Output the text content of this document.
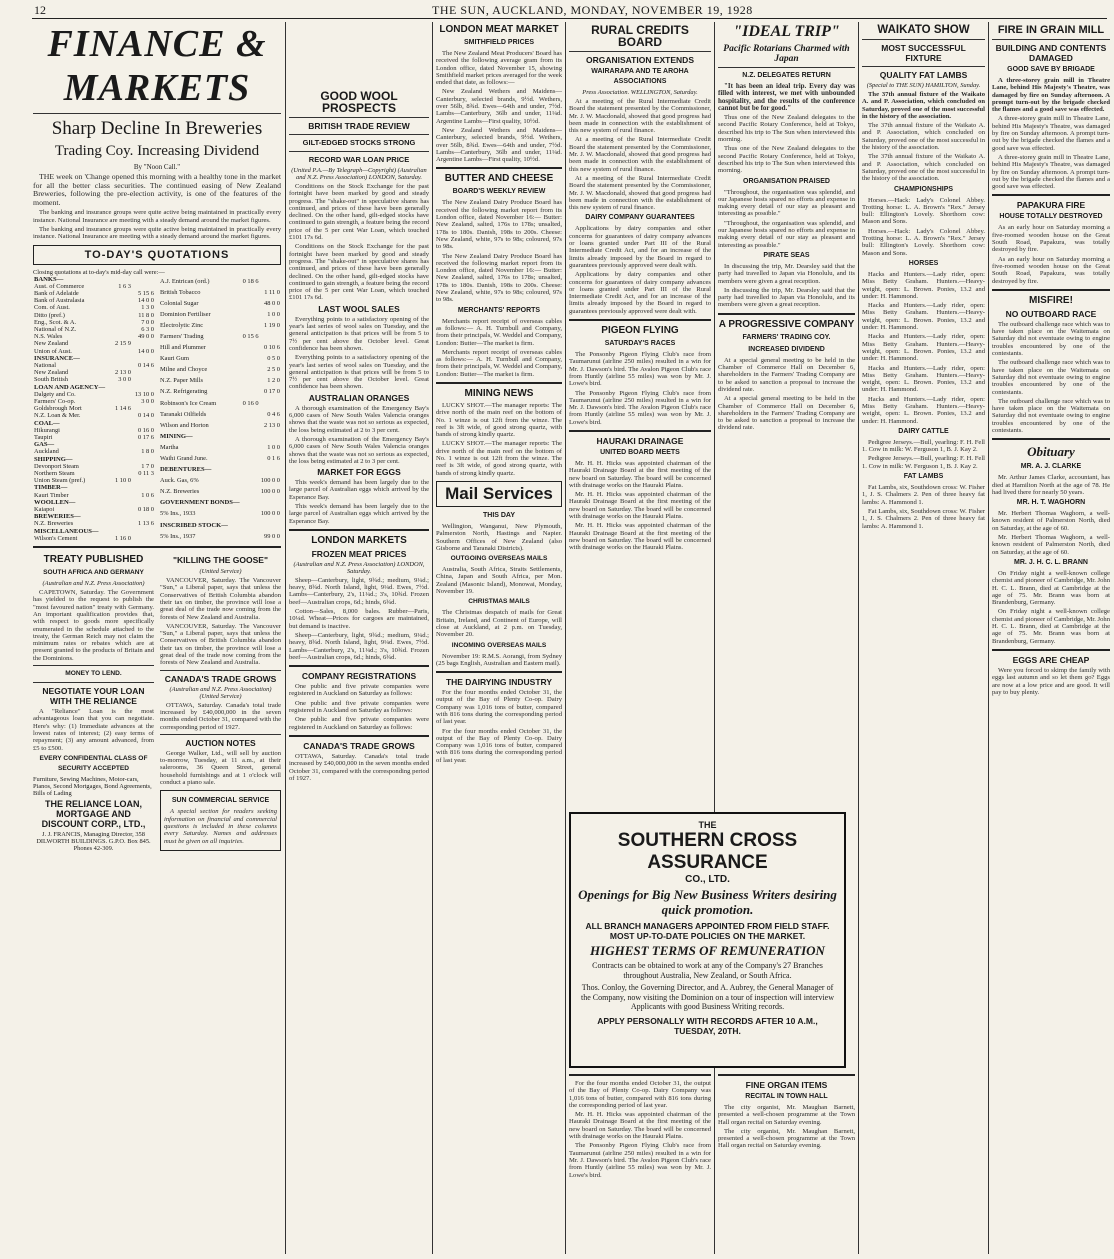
12	THE SUN, AUCKLAND, MONDAY, NOVEMBER 19, 1928
FINANCE & MARKETS
Sharp Decline In Breweries
Trading Coy. Increasing Dividend
By "Noon Call."

THE week on 'Change opened this morning with a healthy tone in the market for all the better class securities. The continued easing of New Zealand Breweries, following the pre-election activity, is one of the features of the moment.

The banking and insurance groups were quite active being maintained in practically every instance. National Insurance are meeting with a steady demand around the market figures.

The banking and insurance groups were quite active being maintained in practically every instance. National Insurance are meeting with a steady demand around the market figures.

TO-DAY'S QUOTATIONS
Closing quotations at to-day's mid-day call were:—
BANKS—		
Aust. of Commerce	1 6 3	
Bank of Adelaide		5 15 6
Bank of Australasia		14 0 0
Com. of Aust.		1 3 0
Ditto (pref.)		11 8 0
Eng., Scot. & A.		7 0 0
National of N.Z.		6 3 0
N.S. Wales		49 0 0
New Zealand	2 15 9	
Union of Aust.		14 0 0
INSURANCE—		
National		0 14 6
New Zealand	2 13 0	
South British	3 0 0	
LOAN AND AGENCY—		
Dalgety and Co.		13 10 0
Farmers' Co-op.		3 0 0
Goldsbrough Mort	1 14 6	
N.Z. Loan & Mer.		0 14 0
COAL—		
Hikurangi		0 16 0
Taupiri		0 17 6
GAS—		
Auckland		1 8 0
SHIPPING—		
Devonport Steam		1 7 0
Northern Steam		0 11 3
Union Steam (pref.)	1 10 0	
TIMBER—		
Kauri Timber		1 0 6
WOOLLEN—		
Kaiapoi		0 18 0
BREWERIES—		
N.Z. Breweries		1 13 6
MISCELLANEOUS—		
Wilson's Cement	1 16 0	
A.J. Entrican (ord.)	0 18 6	
British Tobacco		1 11 0
Colonial Sugar		48 0 0
Dominion Fertiliser		1 0 0
Electrolytic Zinc		1 19 0
Farmers' Trading	0 15 6	
Hill and Plummer		0 10 6
Kauri Gum		0 5 0
Milne and Choyce		2 5 0
N.Z. Paper Mills		1 2 0
N.Z. Refrigerating		0 17 0
Robinson's Ice Cream	0 16 0	
Taranaki Oilfields		0 4 6
Wilson and Horton		2 13 0
MINING—		
Martha		1 0 0
Waihi Grand June.		0 1 6
DEBENTURES—		
Auck. Gas, 6%		100 0 0
N.Z. Breweries		100 0 0
GOVERNMENT BONDS—		
5% Ins., 1933		100 0 0
INSCRIBED STOCK—		
5% Ins., 1937		99 0 0
TREATY PUBLISHED
SOUTH AFRICA AND GERMANY
(Australian and N.Z. Press Association)

CAPETOWN, Saturday. The Government has yielded to the request to publish the "most favoured nation" treaty with Germany. An important qualification provides that, with respect to goods more specifically enumerated in the schedule attached to the treaty, the German Reich may not claim the minimum rates or rebates which are at present granted to the products of Britain and the Dominions.

MONEY TO LEND.
NEGOTIATE YOUR LOAN WITH THE RELIANCE

A "Reliance" Loan is the most advantageous loan that you can negotiate. Here's why: (1) Immediate advances at the lowest rates of interest; (2) easy terms of repayment; (3) any amount advanced, from £5 to £500.

EVERY CONFIDENTIAL CLASS OF SECURITY ACCEPTED
Furniture, Sewing Machines, Motor-cars, Pianos, Second Mortgages, Bond Agreements, Bills of Lading
THE RELIANCE LOAN, MORTGAGE AND DISCOUNT CORP., LTD.,
J. J. FRANCIS, Managing Director, 358 DILWORTH BUILDINGS. G.P.O. Box 845. Phones 42-309.
"KILLING THE GOOSE"
(United Service)

VANCOUVER, Saturday. The Vancouver "Sun," a Liberal paper, says that unless the Conservatives of British Columbia abandon their tax on timber, the province will lose a great deal of the trade now coming from the forests of New Zealand and Australia.

VANCOUVER, Saturday. The Vancouver "Sun," a Liberal paper, says that unless the Conservatives of British Columbia abandon their tax on timber, the province will lose a great deal of the trade now coming from the forests of New Zealand and Australia.

CANADA'S TRADE GROWS
(Australian and N.Z. Press Association) (United Service)

OTTAWA, Saturday. Canada's total trade increased by £40,000,000 in the seven months ended October 31, compared with the corresponding period of 1927.

AUCTION NOTES

George Walker, Ltd., will sell by auction to-morrow, Tuesday, at 11 a.m., at their salerooms, 36 Queen Street, general household furnishings and at 1 o'clock will conduct a piano sale.

SUN COMMERCIAL SERVICE

A special section for readers seeking information on financial and commercial questions is included in these columns every Saturday. Names and addresses must be given on all inquiries.

GOOD WOOL PROSPECTS
BRITISH TRADE REVIEW
GILT-EDGED STOCKS STRONG
RECORD WAR LOAN PRICE
(United P.A.—By Telegraph—Copyright) (Australian and N.Z. Press Association) LONDON, Saturday.

Conditions on the Stock Exchange for the past fortnight have been marked by good and steady progress. The "shake-out" in speculative shares has continued, and prices of these have been generally declined. On the other hand, gilt-edged stocks have continued to gain strength, a feature being the record price of the 5 per cent War Loan, which touched £101 17s 6d.

Conditions on the Stock Exchange for the past fortnight have been marked by good and steady progress. The "shake-out" in speculative shares has continued, and prices of these have been generally declined. On the other hand, gilt-edged stocks have continued to gain strength, a feature being the record price of the 5 per cent War Loan, which touched £101 17s 6d.

LAST WOOL SALES

Everything points to a satisfactory opening of the year's last series of wool sales on Tuesday, and the general anticipation is that prices will be from 5 to 7½ per cent above the October level. Great confidence has been shown.

Everything points to a satisfactory opening of the year's last series of wool sales on Tuesday, and the general anticipation is that prices will be from 5 to 7½ per cent above the October level. Great confidence has been shown.

AUSTRALIAN ORANGES

A thorough examination of the Emergency Bay's 6,000 cases of New South Wales Valencia oranges shows that the waste was not so serious as expected, the loss being estimated at 2 to 3 per cent.

A thorough examination of the Emergency Bay's 6,000 cases of New South Wales Valencia oranges shows that the waste was not so serious as expected, the loss being estimated at 2 to 3 per cent.

MARKET FOR EGGS

This week's demand has been largely due to the large parcel of Australian eggs which arrived by the Esperance Bay.

This week's demand has been largely due to the large parcel of Australian eggs which arrived by the Esperance Bay.

LONDON MARKETS
FROZEN MEAT PRICES
(Australian and N.Z. Press Association) LONDON, Saturday.

Sheep—Canterbury, light, 9¾d.; medium, 9¼d.; heavy, 8¾d. North Island, light, 9¼d. Ewes, 7½d. Lambs—Canterbury, 2's, 11¼d.; 3's, 10¾d. Frozen beef—Australian crops, 6d.; hinds, 6¾d.

Cotton—Sales, 8,000 bales. Rubber—Paris, 10¼d. Wheat—Prices for cargoes are maintained, but demand is inactive.

Sheep—Canterbury, light, 9¾d.; medium, 9¼d.; heavy, 8¾d. North Island, light, 9¼d. Ewes, 7½d. Lambs—Canterbury, 2's, 11¼d.; 3's, 10¾d. Frozen beef—Australian crops, 6d.; hinds, 6¾d.

COMPANY REGISTRATIONS

One public and five private companies were registered in Auckland on Saturday as follows:

One public and five private companies were registered in Auckland on Saturday as follows:

One public and five private companies were registered in Auckland on Saturday as follows:

CANADA'S TRADE GROWS

OTTAWA, Saturday. Canada's total trade increased by £40,000,000 in the seven months ended October 31, compared with the corresponding period of 1927.

LONDON MEAT MARKET
SMITHFIELD PRICES

The New Zealand Meat Producers' Board has received the following average gram from its London office, dated November 15, showing Smithfield market prices averaged for the week ended that date, as follows:—

New Zealand Wethers and Maidens—Canterbury, selected brands, 9½d. Wethers, over 56lb, 8¾d. Ewes—64th and under, 7½d. Lambs—Canterbury, 36lb and under, 11¼d. Argentine Lambs—First quality, 10½d.

New Zealand Wethers and Maidens—Canterbury, selected brands, 9½d. Wethers, over 56lb, 8¾d. Ewes—64th and under, 7½d. Lambs—Canterbury, 36lb and under, 11¼d. Argentine Lambs—First quality, 10½d.

BUTTER AND CHEESE
BOARD'S WEEKLY REVIEW

The New Zealand Dairy Produce Board has received the following market report from its London office, dated November 16:— Butter: New Zealand, salted, 176s to 178s; unsalted, 178s to 180s. Danish, 198s to 200s. Cheese: New Zealand, white, 97s to 98s; coloured, 97s to 98s.

The New Zealand Dairy Produce Board has received the following market report from its London office, dated November 16:— Butter: New Zealand, salted, 176s to 178s; unsalted, 178s to 180s. Danish, 198s to 200s. Cheese: New Zealand, white, 97s to 98s; coloured, 97s to 98s.

MERCHANTS' REPORTS

Merchants report receipt of overseas cables as follows:— A. H. Turnbull and Company, from their principals, W. Weddel and Company, London: Butter—The market is firm.

Merchants report receipt of overseas cables as follows:— A. H. Turnbull and Company, from their principals, W. Weddel and Company, London: Butter—The market is firm.

MINING NEWS

LUCKY SHOT.—The manager reports: The drive north of the main reef on the bottom of No. 1 winze is out 12ft from the winze. The reef is 3ft wide, of good strong quartz, with bands of strong kindly quartz.

LUCKY SHOT.—The manager reports: The drive north of the main reef on the bottom of No. 1 winze is out 12ft from the winze. The reef is 3ft wide, of good strong quartz, with bands of strong kindly quartz.

Mail Services
THIS DAY

Wellington, Wanganui, New Plymouth, Palmerston North, Hastings and Napier. Southern Offices of New Zealand (also Gisborne and Taranaki Districts).

OUTGOING OVERSEAS MAILS

Australia, South Africa, Straits Settlements, China, Japan and South Africa, per Mon. Zealand (Masonic Island), Monowai, Monday, November 19.

CHRISTMAS MAILS

The Christmas despatch of mails for Great Britain, Ireland, and Continent of Europe, will close at Auckland, at 2 p.m. on Tuesday, November 20.

INCOMING OVERSEAS MAILS

November 19: R.M.S. Aorangi, from Sydney (25 bags English, Australian and Eastern mail).

THE DAIRYING INDUSTRY

For the four months ended October 31, the output of the Bay of Plenty Co-op. Dairy Company was 1,016 tons of butter, compared with 816 tons during the corresponding period of last year.

For the four months ended October 31, the output of the Bay of Plenty Co-op. Dairy Company was 1,016 tons of butter, compared with 816 tons during the corresponding period of last year.

RURAL CREDITS BOARD
ORGANISATION EXTENDS
WAIRARAPA AND TE AROHA ASSOCIATIONS
Press Association. WELLINGTON, Saturday.

At a meeting of the Rural Intermediate Credit Board the statement presented by the Commissioner, Mr. J. W. Macdonald, showed that good progress had been made in connection with the establishment of this new system of rural finance.

At a meeting of the Rural Intermediate Credit Board the statement presented by the Commissioner, Mr. J. W. Macdonald, showed that good progress had been made in connection with the establishment of this new system of rural finance.

At a meeting of the Rural Intermediate Credit Board the statement presented by the Commissioner, Mr. J. W. Macdonald, showed that good progress had been made in connection with the establishment of this new system of rural finance.

DAIRY COMPANY GUARANTEES

Applications by dairy companies and other concerns for guarantees of dairy company advances or loans granted under Part III of the Rural Intermediate Credit Act, and for an increase of the limits already imposed by the Board in regard to guarantees previously approved were dealt with.

Applications by dairy companies and other concerns for guarantees of dairy company advances or loans granted under Part III of the Rural Intermediate Credit Act, and for an increase of the limits already imposed by the Board in regard to guarantees previously approved were dealt with.

PIGEON FLYING
SATURDAY'S RACES

The Ponsonby Pigeon Flying Club's race from Taumarunui (airline 250 miles) resulted in a win for Mr. J. Dawson's bird. The Avalon Pigeon Club's race from Huntly (airline 55 miles) was won by Mr. J. Lowe's bird.

The Ponsonby Pigeon Flying Club's race from Taumarunui (airline 250 miles) resulted in a win for Mr. J. Dawson's bird. The Avalon Pigeon Club's race from Huntly (airline 55 miles) was won by Mr. J. Lowe's bird.

HAURAKI DRAINAGE
UNITED BOARD MEETS

Mr. H. H. Hicks was appointed chairman of the Hauraki Drainage Board at the first meeting of the new board on Saturday. The board will be concerned with drainage works on the Hauraki Plains.

Mr. H. H. Hicks was appointed chairman of the Hauraki Drainage Board at the first meeting of the new board on Saturday. The board will be concerned with drainage works on the Hauraki Plains.

Mr. H. H. Hicks was appointed chairman of the Hauraki Drainage Board at the first meeting of the new board on Saturday. The board will be concerned with drainage works on the Hauraki Plains.

"IDEAL TRIP"
Pacific Rotarians Charmed with Japan
N.Z. DELEGATES RETURN

"It has been an ideal trip. Every day was filled with interest, we met with unbounded hospitality, and the results of the conference cannot but be for good."

Thus one of the New Zealand delegates to the second Pacific Rotary Conference, held at Tokyo, described his trip to The Sun when interviewed this morning.

Thus one of the New Zealand delegates to the second Pacific Rotary Conference, held at Tokyo, described his trip to The Sun when interviewed this morning.

ORGANISATION PRAISED

"Throughout, the organisation was splendid, and our Japanese hosts spared no efforts and expense in making every detail of our stay as pleasant and interesting as possible."

"Throughout, the organisation was splendid, and our Japanese hosts spared no efforts and expense in making every detail of our stay as pleasant and interesting as possible."

PIRATE SEAS

In discussing the trip, Mr. Dearsley said that the party had travelled to Japan via Honolulu, and its members were given a great reception.

In discussing the trip, Mr. Dearsley said that the party had travelled to Japan via Honolulu, and its members were given a great reception.

A PROGRESSIVE COMPANY
FARMERS' TRADING COY.
INCREASED DIVIDEND

At a special general meeting to be held in the Chamber of Commerce Hall on December 6, shareholders in the Farmers' Trading Company are to be asked to sanction a proposal to increase the dividend rate.

At a special general meeting to be held in the Chamber of Commerce Hall on December 6, shareholders in the Farmers' Trading Company are to be asked to sanction a proposal to increase the dividend rate.

WAIKATO SHOW
MOST SUCCESSFUL FIXTURE
QUALITY FAT LAMBS
(Special to THE SUN) HAMILTON, Sunday.

The 37th annual fixture of the Waikato A. and P. Association, which concluded on Saturday, proved one of the most successful in the history of the association.

The 37th annual fixture of the Waikato A. and P. Association, which concluded on Saturday, proved one of the most successful in the history of the association.

The 37th annual fixture of the Waikato A. and P. Association, which concluded on Saturday, proved one of the most successful in the history of the association.

CHAMPIONSHIPS

Horses.—Hack: Lady's Colonel Abbey. Trotting horse: L. A. Brown's "Rex." Jersey bull: Ellington's Lovely. Shorthorn cow: Mason and Sons.

Horses.—Hack: Lady's Colonel Abbey. Trotting horse: L. A. Brown's "Rex." Jersey bull: Ellington's Lovely. Shorthorn cow: Mason and Sons.

HORSES

Hacks and Hunters.—Lady rider, open: Miss Betty Graham. Hunters.—Heavy-weight, open: L. Brown. Ponies, 13.2 and under: H. Hammond.

Hacks and Hunters.—Lady rider, open: Miss Betty Graham. Hunters.—Heavy-weight, open: L. Brown. Ponies, 13.2 and under: H. Hammond.

Hacks and Hunters.—Lady rider, open: Miss Betty Graham. Hunters.—Heavy-weight, open: L. Brown. Ponies, 13.2 and under: H. Hammond.

Hacks and Hunters.—Lady rider, open: Miss Betty Graham. Hunters.—Heavy-weight, open: L. Brown. Ponies, 13.2 and under: H. Hammond.

Hacks and Hunters.—Lady rider, open: Miss Betty Graham. Hunters.—Heavy-weight, open: L. Brown. Ponies, 13.2 and under: H. Hammond.

DAIRY CATTLE

Pedigree Jerseys.—Bull, yearling: F. H. Fell 1. Cow in milk: W. Ferguson 1, B. J. Kay 2.

Pedigree Jerseys.—Bull, yearling: F. H. Fell 1. Cow in milk: W. Ferguson 1, B. J. Kay 2.

FAT LAMBS

Fat Lambs, six, Southdown cross: W. Fisher 1, J. S. Chalmers 2. Pen of three heavy fat lambs: A. Hammond 1.

Fat Lambs, six, Southdown cross: W. Fisher 1, J. S. Chalmers 2. Pen of three heavy fat lambs: A. Hammond 1.

FIRE IN GRAIN MILL
BUILDING AND CONTENTS DAMAGED
GOOD SAVE BY BRIGADE

A three-storey grain mill in Theatre Lane, behind His Majesty's Theatre, was damaged by fire on Sunday afternoon. A prompt turn-out by the brigade checked the flames and a good save was effected.

A three-storey grain mill in Theatre Lane, behind His Majesty's Theatre, was damaged by fire on Sunday afternoon. A prompt turn-out by the brigade checked the flames and a good save was effected.

A three-storey grain mill in Theatre Lane, behind His Majesty's Theatre, was damaged by fire on Sunday afternoon. A prompt turn-out by the brigade checked the flames and a good save was effected.

PAPAKURA FIRE
HOUSE TOTALLY DESTROYED

As an early hour on Saturday morning a five-roomed wooden house on the Great South Road, Papakura, was totally destroyed by fire.

As an early hour on Saturday morning a five-roomed wooden house on the Great South Road, Papakura, was totally destroyed by fire.

MISFIRE!
NO OUTBOARD RACE

The outboard challenge race which was to have taken place on the Waitemata on Saturday did not eventuate owing to engine troubles encountered by one of the contestants.

The outboard challenge race which was to have taken place on the Waitemata on Saturday did not eventuate owing to engine troubles encountered by one of the contestants.

The outboard challenge race which was to have taken place on the Waitemata on Saturday did not eventuate owing to engine troubles encountered by one of the contestants.

Obituary
MR. A. J. CLARKE

Mr. Arthur James Clarke, accountant, has died at Hamilton North at the age of 78. He had lived there for nearly 50 years.

MR. H. T. WAGHORN

Mr. Herbert Thomas Waghorn, a well-known resident of Palmerston North, died on Saturday, at the age of 60.

Mr. Herbert Thomas Waghorn, a well-known resident of Palmerston North, died on Saturday, at the age of 60.

MR. J. H. C. L. BRANN

On Friday night a well-known college chemist and pioneer of Cambridge, Mr. John H. C. L. Brann, died at Cambridge at the age of 75. Mr. Brann was born at Brandenburg, Germany.

On Friday night a well-known college chemist and pioneer of Cambridge, Mr. John H. C. L. Brann, died at Cambridge at the age of 75. Mr. Brann was born at Brandenburg, Germany.

EGGS ARE CHEAP

Were you forced to skimp the family with eggs last autumn and so let them go? Eggs are now at a low price and are good. It will pay to buy plenty.

THE
SOUTHERN CROSS ASSURANCE
CO., LTD.
Openings for Big New Business Writers desiring quick promotion.
ALL BRANCH MANAGERS APPOINTED FROM FIELD STAFF.
MOST UP-TO-DATE POLICIES ON THE MARKET.
HIGHEST TERMS OF REMUNERATION
Contracts can be obtained to work at any of the Company's 27 Branches throughout Australia, New Zealand, or South Africa.
Thos. Conloy, the Governing Director, and A. Aubrey, the General Manager of the Company, now visiting the Dominion on a tour of inspection will interview Applicants with good Business Writing records.
APPLY PERSONALLY WITH RECORDS AFTER 10 A.M., TUESDAY, 20TH.
FINE ORGAN ITEMS
RECITAL IN TOWN HALL

The city organist, Mr. Maughan Barnett, presented a well-chosen programme at the Town Hall organ recital on Saturday evening.

The city organist, Mr. Maughan Barnett, presented a well-chosen programme at the Town Hall organ recital on Saturday evening.

For the four months ended October 31, the output of the Bay of Plenty Co-op. Dairy Company was 1,016 tons of butter, compared with 816 tons during the corresponding period of last year.

Mr. H. H. Hicks was appointed chairman of the Hauraki Drainage Board at the first meeting of the new board on Saturday. The board will be concerned with drainage works on the Hauraki Plains.

The Ponsonby Pigeon Flying Club's race from Taumarunui (airline 250 miles) resulted in a win for Mr. J. Dawson's bird. The Avalon Pigeon Club's race from Huntly (airline 55 miles) was won by Mr. J. Lowe's bird.
